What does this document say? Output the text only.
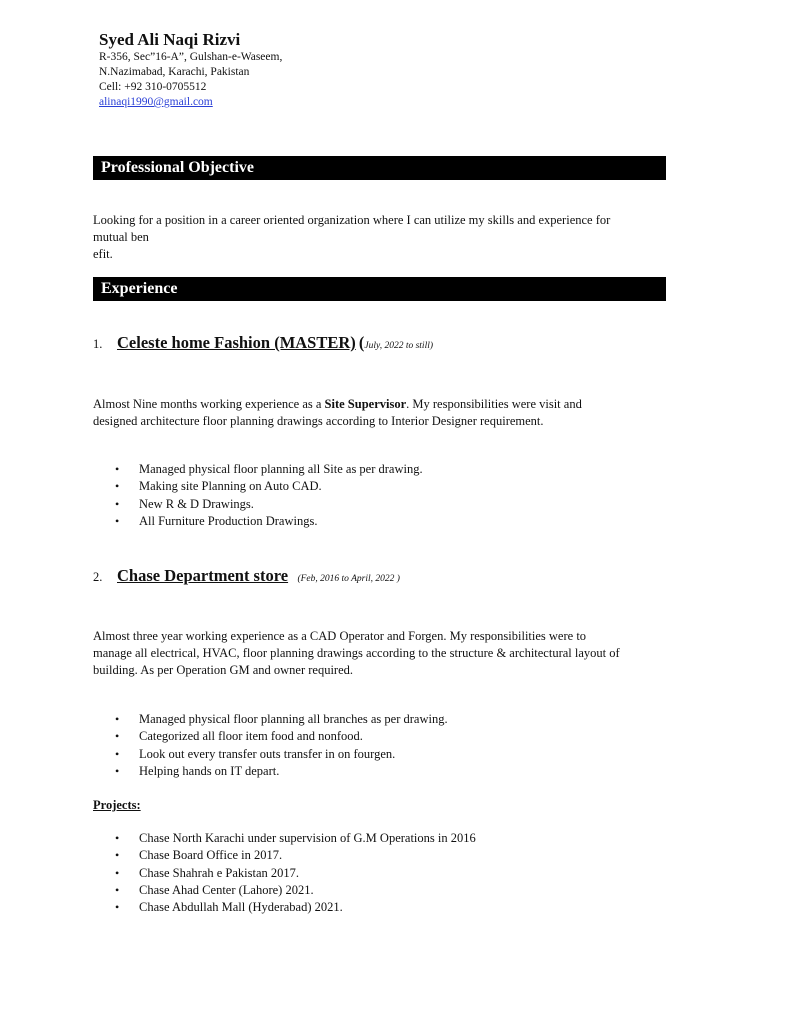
Syed Ali Naqi Rizvi

R-356, Sec”16-A”, Gulshan-e-Waseem,

N.Nazimabad, Karachi, Pakistan

Cell: +92 310-0705512

alinaqi1990@gmail.com
Professional Objective
Looking for a position in a career oriented organization where I can utilize my skills and experience for
mutual ben
efit.
Experience
1. Celeste home Fashion (MASTER) (July, 2022 to still)
Almost Nine months working experience as a Site Supervisor. My responsibilities were visit and
designed architecture floor planning drawings according to Interior Designer requirement.
• Managed physical floor planning all Site as per drawing.
• Making site Planning on Auto CAD.
• New R & D Drawings.
• All Furniture Production Drawings.
2. Chase Department store (Feb, 2016 to April, 2022 )
Almost three year working experience as a CAD Operator and Forgen. My responsibilities were to
manage all electrical, HVAC, floor planning drawings according to the structure & architectural layout of
building. As per Operation GM and owner required.
• Managed physical floor planning all branches as per drawing.
• Categorized all floor item food and nonfood.
• Look out every transfer outs transfer in on fourgen.
• Helping hands on IT depart.
Projects:
• Chase North Karachi under supervision of G.M Operations in 2016
• Chase Board Office in 2017.
• Chase Shahrah e Pakistan 2017.
• Chase Ahad Center (Lahore) 2021.
• Chase Abdullah Mall (Hyderabad) 2021.
